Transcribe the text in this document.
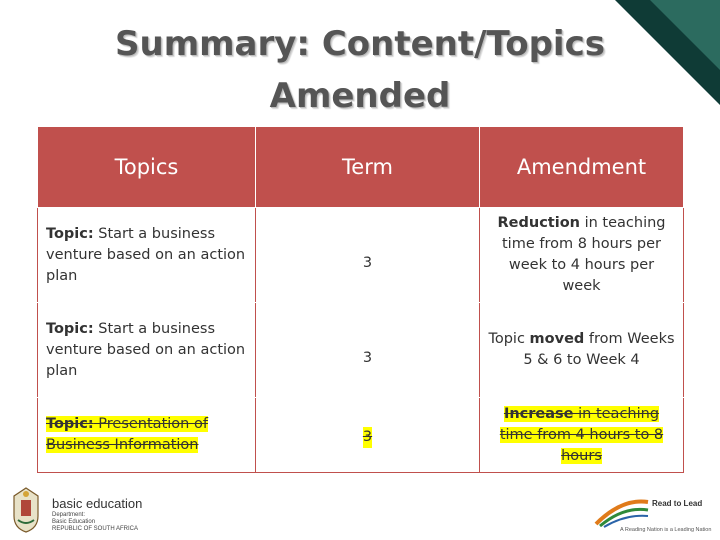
Summary: Content/Topics
Amended
Topics	Term	Amendment
Topic: Start a business venture based on an action plan	3	Reduction in teaching time from 8 hours per week to 4 hours per week
Topic: Start a business venture based on an action plan	3	Topic moved from Weeks 5 & 6 to Week 4
Topic: Presentation of Business Information	3	Increase in teaching time from 4 hours to 8 hours
basic education
Department:
Basic Education
REPUBLIC OF SOUTH AFRICA
Read to Lead
A Reading Nation is a Leading Nation
